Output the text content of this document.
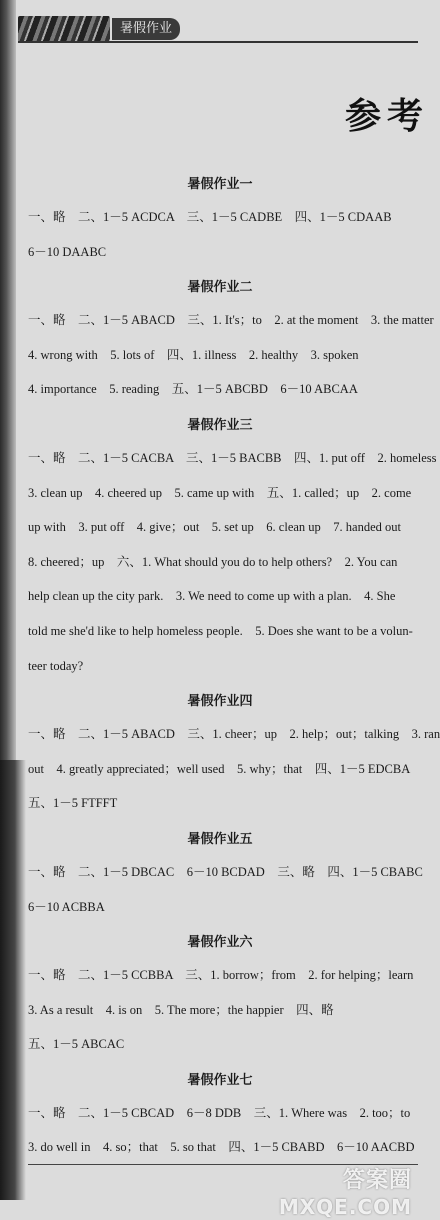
暑假作业
参考
暑假作业一
一、略　二、1－5 ACDCA　三、1－5 CADBE　四、1－5 CDAAB
6－10 DAABC
暑假作业二
一、略　二、1－5 ABACD　三、1. It's；to　2. at the moment　3. the matter
4. wrong with　5. lots of　四、1. illness　2. healthy　3. spoken
4. importance　5. reading　五、1－5 ABCBD　6－10 ABCAA
暑假作业三
一、略　二、1－5 CACBA　三、1－5 BACBB　四、1. put off　2. homeless
3. clean up　4. cheered up　5. came up with　五、1. called；up　2. come
up with　3. put off　4. give；out　5. set up　6. clean up　7. handed out
8. cheered；up　六、1. What should you do to help others?　2. You can
help clean up the city park.　3. We need to come up with a plan.　4. She
told me she'd like to help homeless people.　5. Does she want to be a volun-
teer today?
暑假作业四
一、略　二、1－5 ABACD　三、1. cheer；up　2. help；out；talking　3. ran
out　4. greatly appreciated；well used　5. why；that　四、1－5 EDCBA
五、1－5 FTFFT
暑假作业五
一、略　二、1－5 DBCAC　6－10 BCDAD　三、略　四、1－5 CBABC
6－10 ACBBA
暑假作业六
一、略　二、1－5 CCBBA　三、1. borrow；from　2. for helping；learn
3. As a result　4. is on　5. The more；the happier　四、略
五、1－5 ABCAC
暑假作业七
一、略　二、1－5 CBCAD　6－8 DDB　三、1. Where was　2. too；to
3. do well in　4. so；that　5. so that　四、1－5 CBABD　6－10 AACBD
答案圈
MXQE.COM
